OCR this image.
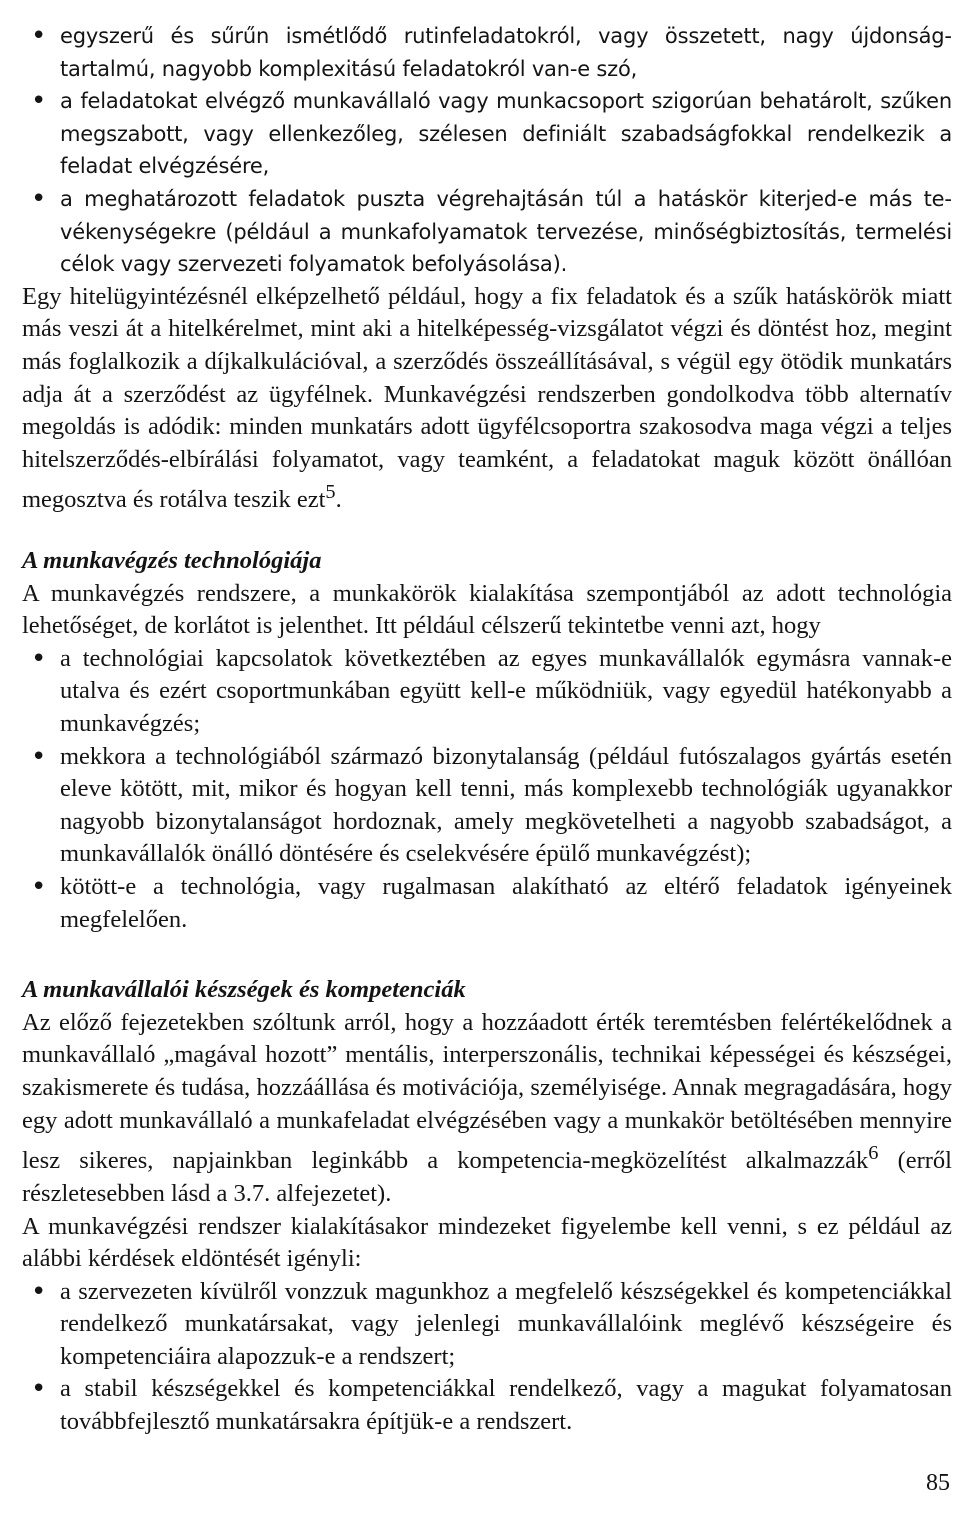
• egyszerű és sűrűn ismétlődő rutinfeladatokról, vagy összetett, nagy újdonságtartalmú, nagyobb komplexitású feladatokról van-e szó,
• a feladatokat elvégző munkavállaló vagy munkacsoport szigorúan behatárolt, szűken megszabott, vagy ellenkezőleg, szélesen definiált szabadságfokkal rendelkezik a feladat elvégzésére,
• a meghatározott feladatok puszta végrehajtásán túl a hatáskör kiterjed-e más tevékenységekre (például a munkafolyamatok tervezése, minőségbiztosítás, termelési célok vagy szervezeti folyamatok befolyásolása).

Egy hitelügyintézésnél elképzelhető például, hogy a fix feladatok és a szűk hatáskörök miatt más veszi át a hitelkérelmet, mint aki a hitelképesség-vizsgálatot végzi és döntést hoz, megint más foglalkozik a díjkalkulációval, a szerződés összeállításával, s végül egy ötödik munkatárs adja át a szerződést az ügyfélnek. Munkavégzési rendszerben gondolkodva több alternatív megoldás is adódik: minden munkatárs adott ügyfélcsoportra szakosodva maga végzi a teljes hitelszerződés-elbírálási folyamatot, vagy teamként, a feladatokat maguk között önállóan megosztva és rotálva teszik ezt$^5$.

A munkavégzés technológiája

A munkavégzés rendszere, a munkakörök kialakítása szempontjából az adott technológia lehetőséget, de korlátot is jelenthet. Itt például célszerű tekintetbe venni azt, hogy

• a technológiai kapcsolatok következtében az egyes munkavállalók egymásra vannak-e utalva és ezért csoportmunkában együtt kell-e működniük, vagy egyedül hatékonyabb a munkavégzés;
• mekkora a technológiából származó bizonytalanság (például futószalagos gyártás esetén eleve kötött, mit, mikor és hogyan kell tenni, más komplexebb technológiák ugyanakkor nagyobb bizonytalanságot hordoznak, amely megkövetelheti a nagyobb szabadságot, a munkavállalók önálló döntésére és cselekvésére épülő munkavégzést);
• kötött-e a technológia, vagy rugalmasan alakítható az eltérő feladatok igényeinek megfelelően.
A munkavállalói készségek és kompetenciák

Az előző fejezetekben szóltunk arról, hogy a hozzáadott érték teremtésben felértékelődnek a munkavállaló „magával hozott” mentális, interperszonális, technikai képességei és készségei, szakismerete és tudása, hozzáállása és motivációja, személyisége. Annak megragadására, hogy egy adott munkavállaló a munkafeladat elvégzésében vagy a munkakör betöltésében mennyire lesz sikeres, napjainkban leginkább a kompetencia-megközelítést alkalmazzák$^6$ (erről részletesebben lásd a 3.7. alfejezetet).

A munkavégzési rendszer kialakításakor mindezeket figyelembe kell venni, s ez például az alábbi kérdések eldöntését igényli:

• a szervezeten kívülről vonzzuk magunkhoz a megfelelő készségekkel és kompetenciákkal rendelkező munkatársakat, vagy jelenlegi munkavállalóink meglévő készségeire és kompetenciáira alapozzuk-e a rendszert;
• a stabil készségekkel és kompetenciákkal rendelkező, vagy a magukat folyamatosan továbbfejlesztő munkatársakra építjük-e a rendszert.
85
